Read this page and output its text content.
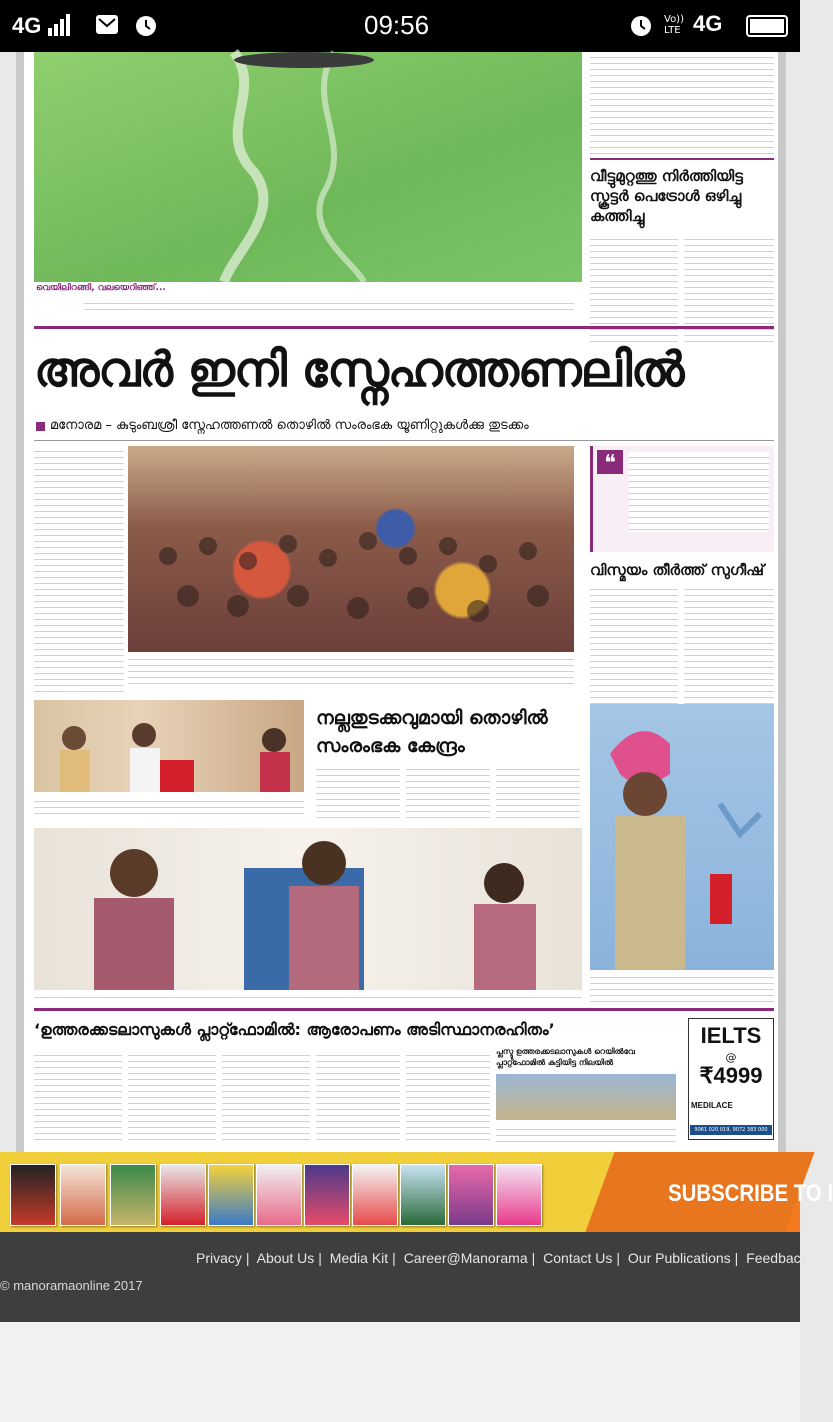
4G	09:56	Vo)) LTE 4G
വെയിലിറങ്ങി, വലയെറിഞ്ഞ്...
വീട്ടുമുറ്റത്തു നിർത്തിയിട്ട സ്കൂട്ടർ പെട്രോൾ ഒഴിച്ചു കത്തിച്ചു
അവർ ഇനി സ്നേഹത്തണലിൽ
മനോരമ – കുടുംബശ്രീ സ്നേഹത്തണൽ തൊഴിൽ സംരംഭക യൂണിറ്റുകൾക്കു തുടക്കം
❝
വിസ്മയം തീർത്ത് സുഗീഷ്
നല്ലതുടക്കവുമായി തൊഴിൽ സംരംഭക കേന്ദ്രം
‘ഉത്തരക്കടലാസുകൾ പ്ലാറ്റ്ഫോമിൽ: ആരോപണം അടിസ്ഥാനരഹിതം’
പ്ലസ്ടു ഉത്തരക്കടലാസുകൾ റെയിൽവേ പ്ലാറ്റ്ഫോമിൽ കുട്ടിയിട്ട നിലയിൽ
IELTS
@
₹4999
MEDILACE
9061 020 019, 9072 383 000
SUBSCRIBE TO I
Privacy | About Us | Media Kit | Career@Manorama | Contact Us | Our Publications | Feedback
© manoramaonline 2017
